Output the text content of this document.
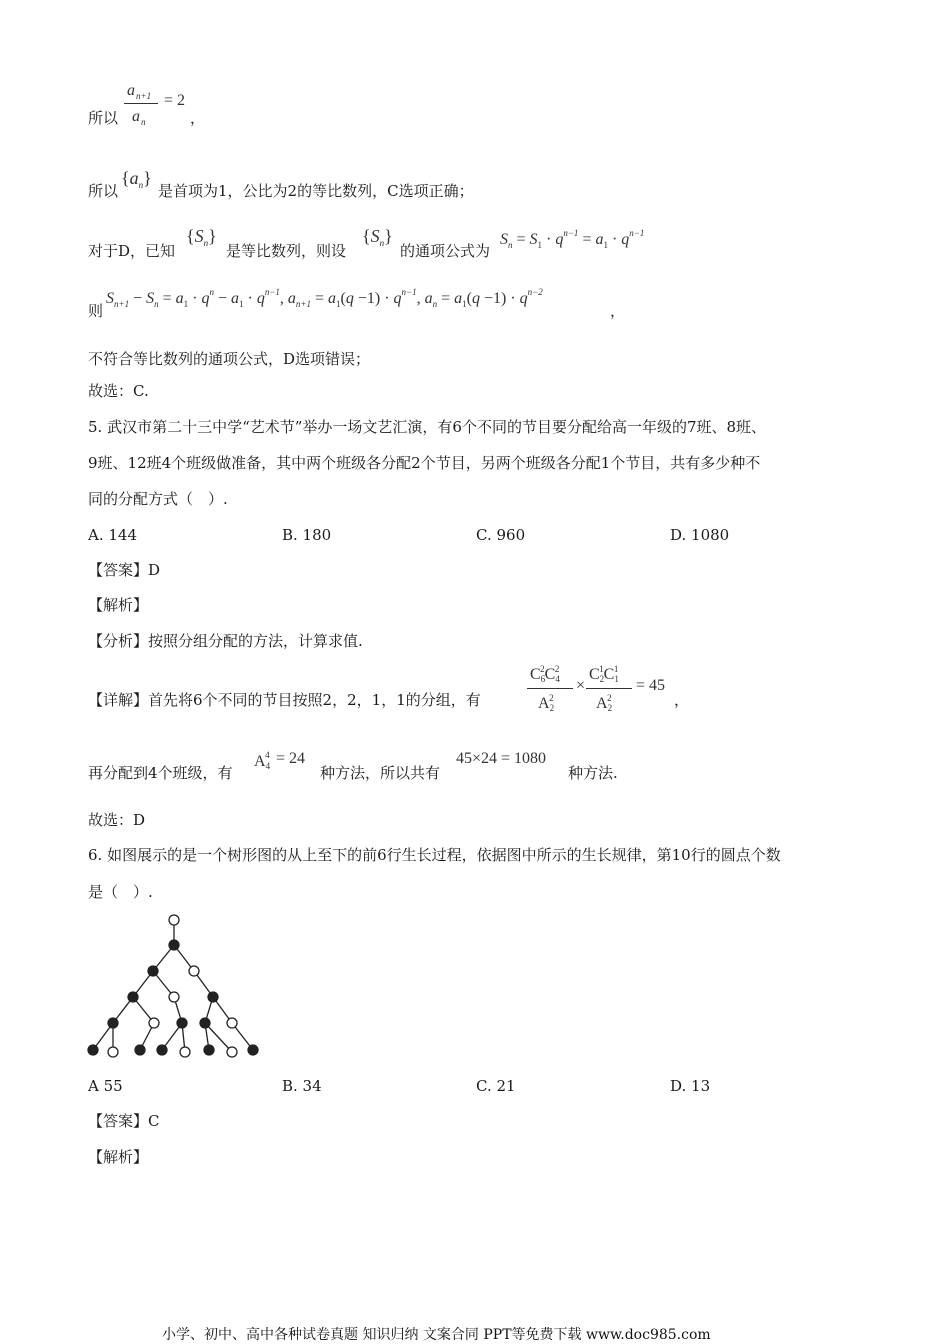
所以
a n+1
a n
= 2
，
所以
$\{a_n\}$
是首项为1，公比为2的等比数列，C选项正确；
对于D，已知
$\{S_n\}$
是等比数列，则设
$\{S_n\}$
的通项公式为
$S_n = S_1 \cdot q^{n-1} = a_1 \cdot q^{n-1}$
则
$S_{n+1} - S_n = a_1 \cdot q^n - a_1 \cdot q^{n-1}$, $a_{n+1} = a_1(q -1) \cdot q^{n-1}$, $a_n = a_1(q -1) \cdot q^{n-2}$
，
不符合等比数列的通项公式，D选项错误；
故选：C.
5. 武汉市第二十三中学“艺术节”举办一场文艺汇演，有6个不同的节目要分配给高一年级的7班、8班、
9班、12班4个班级做准备，其中两个班级各分配2个节目，另两个班级各分配1个节目，共有多少种不
同的分配方式（　）.
A. 144	B. 180	C. 960	D. 1080
【答案】D
【解析】
【分析】按照分组分配的方法，计算求值.
【详解】首先将6个不同的节目按照2，2，1，1的分组，有
$C_6^2C_4^2$
$A_2^2$
×
$C_2^1C_1^1$
$A_2^2$
= 45
，
再分配到4个班级，有
$A_4^4 = 24$
种方法，所以共有
45×24 = 1080
种方法.
故选：D
6. 如图展示的是一个树形图的从上至下的前6行生长过程，依据图中所示的生长规律，第10行的圆点个数
是（　）.
A 55	B. 34	C. 21	D. 13
【答案】C
【解析】
小学、初中、高中各种试卷真题 知识归纳 文案合同 PPT等免费下载 www.doc985.com
